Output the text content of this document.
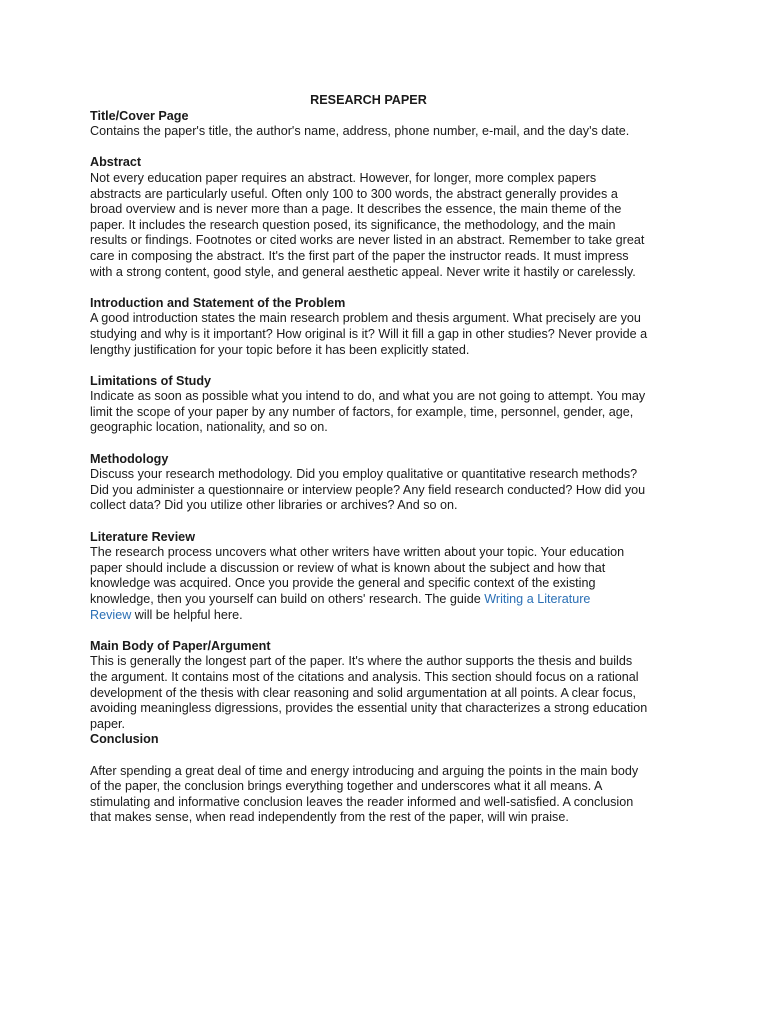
RESEARCH PAPER

Title/Cover Page

Contains the paper's title, the author's name, address, phone number, e-mail, and the day's date.

Abstract

Not every education paper requires an abstract. However, for longer, more complex papers
abstracts are particularly useful. Often only 100 to 300 words, the abstract generally provides a
broad overview and is never more than a page. It describes the essence, the main theme of the
paper. It includes the research question posed, its significance, the methodology, and the main
results or findings. Footnotes or cited works are never listed in an abstract. Remember to take great
care in composing the abstract. It's the first part of the paper the instructor reads. It must impress
with a strong content, good style, and general aesthetic appeal. Never write it hastily or carelessly.

Introduction and Statement of the Problem

A good introduction states the main research problem and thesis argument. What precisely are you
studying and why is it important? How original is it? Will it fill a gap in other studies? Never provide a
lengthy justification for your topic before it has been explicitly stated.

Limitations of Study

Indicate as soon as possible what you intend to do, and what you are not going to attempt. You may
limit the scope of your paper by any number of factors, for example, time, personnel, gender, age,
geographic location, nationality, and so on.

Methodology

Discuss your research methodology. Did you employ qualitative or quantitative research methods?
Did you administer a questionnaire or interview people? Any field research conducted? How did you
collect data? Did you utilize other libraries or archives? And so on.

Literature Review

The research process uncovers what other writers have written about your topic. Your education
paper should include a discussion or review of what is known about the subject and how that
knowledge was acquired. Once you provide the general and specific context of the existing
knowledge, then you yourself can build on others' research. The guide Writing a Literature
Review will be helpful here.

Main Body of Paper/Argument

This is generally the longest part of the paper. It's where the author supports the thesis and builds
the argument. It contains most of the citations and analysis. This section should focus on a rational
development of the thesis with clear reasoning and solid argumentation at all points. A clear focus,
avoiding meaningless digressions, provides the essential unity that characterizes a strong education
paper.

Conclusion

After spending a great deal of time and energy introducing and arguing the points in the main body
of the paper, the conclusion brings everything together and underscores what it all means. A
stimulating and informative conclusion leaves the reader informed and well-satisfied. A conclusion
that makes sense, when read independently from the rest of the paper, will win praise.
